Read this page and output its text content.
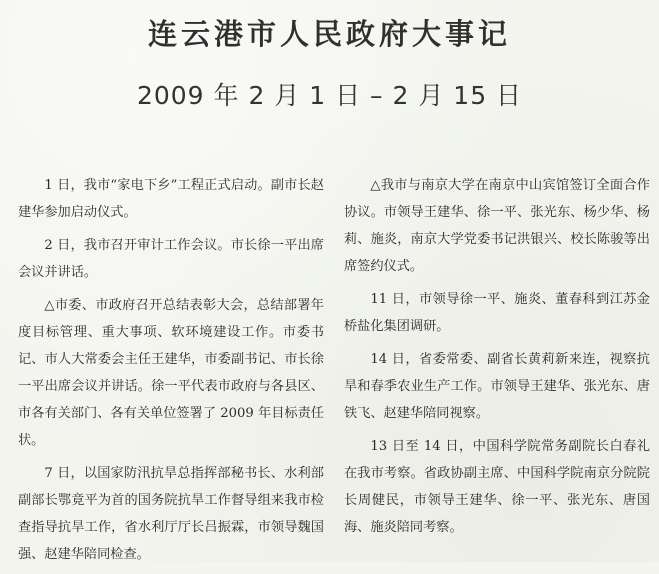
连云港市人民政府大事记
2009 年 2 月 1 日 – 2 月 15 日

1 日，我市“家电下乡”工程正式启动。副市长赵建华参加启动仪式。

2 日，我市召开审计工作会议。市长徐一平出席会议并讲话。

△市委、市政府召开总结表彰大会，总结部署年度目标管理、重大事项、软环境建设工作。市委书记、市人大常委会主任王建华，市委副书记、市长徐一平出席会议并讲话。徐一平代表市政府与各县区、市各有关部门、各有关单位签署了 2009 年目标责任状。

7 日，以国家防汛抗旱总指挥部秘书长、水利部副部长鄂竟平为首的国务院抗旱工作督导组来我市检查指导抗旱工作，省水利厅厅长吕振霖，市领导魏国强、赵建华陪同检查。

△我市与南京大学在南京中山宾馆签订全面合作协议。市领导王建华、徐一平、张光东、杨少华、杨莉、施炎，南京大学党委书记洪银兴、校长陈骏等出席签约仪式。

11 日，市领导徐一平、施炎、董春科到江苏金桥盐化集团调研。

14 日，省委常委、副省长黄莉新来连，视察抗旱和春季农业生产工作。市领导王建华、张光东、唐铁飞、赵建华陪同视察。

13 日至 14 日，中国科学院常务副院长白春礼在我市考察。省政协副主席、中国科学院南京分院院长周健民，市领导王建华、徐一平、张光东、唐国海、施炎陪同考察。
